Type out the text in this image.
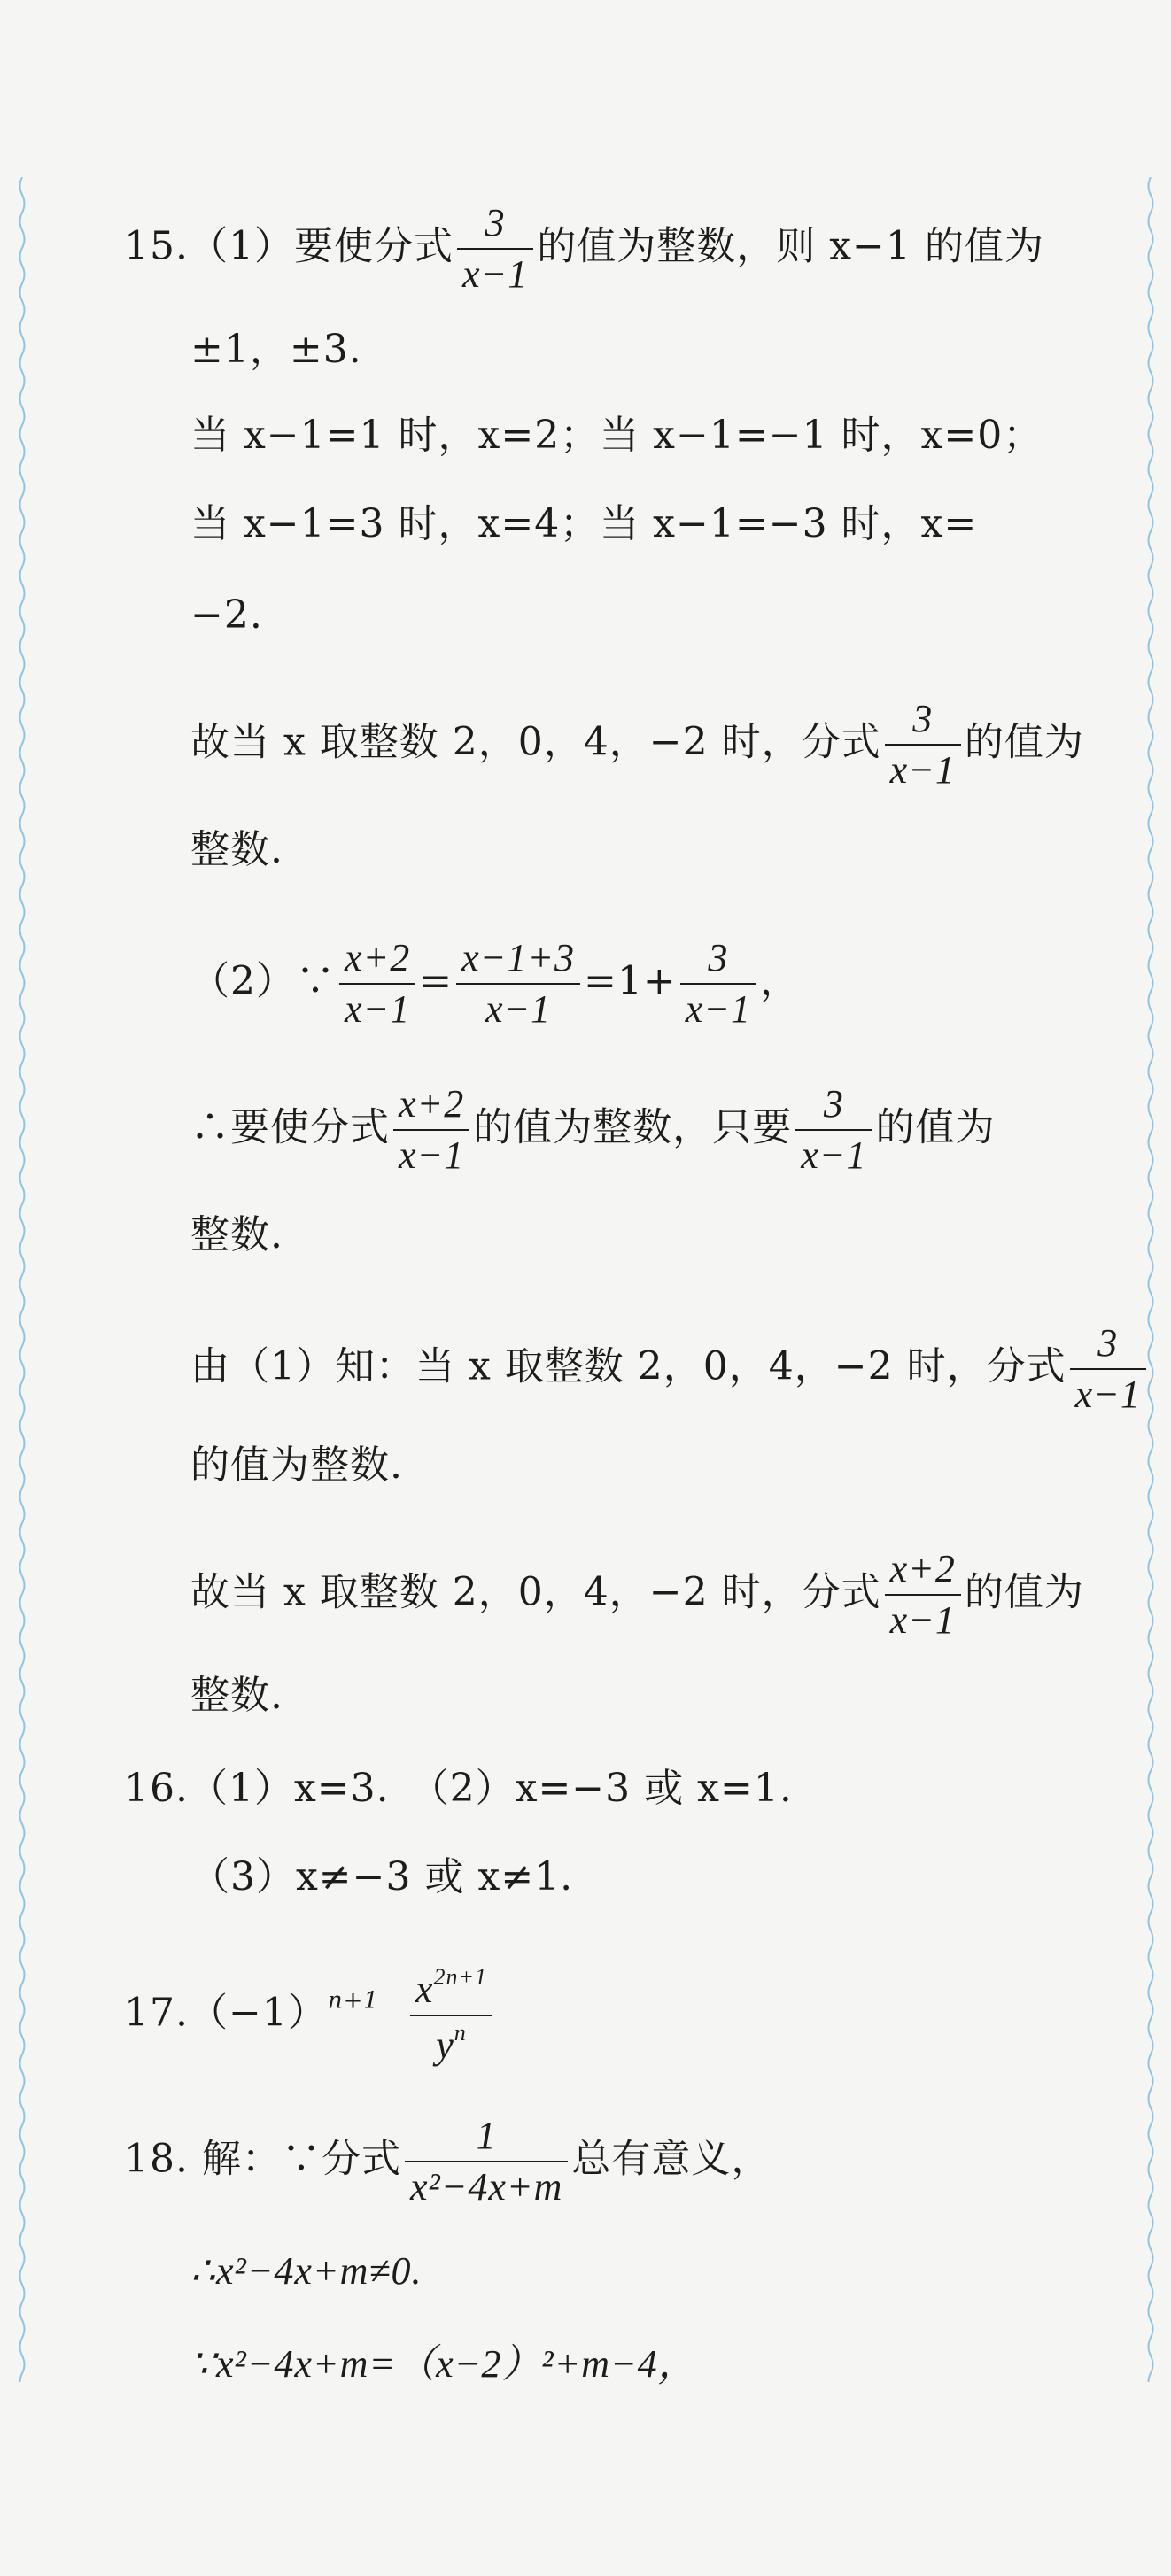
15.（1）要使分式 $\frac{3}{x-1}$ 的值为整数，则 x−1 的值为
±1，±3.
当 x−1=1 时，x=2；当 x−1=−1 时，x=0；
当 x−1=3 时，x=4；当 x−1=−3 时，x=
−2.
故当 x 取整数 2，0，4，−2 时，分式 $\frac{3}{x-1}$ 的值为
整数.
（2）∵ $\frac{x+2}{x-1} = \frac{x-1+3}{x-1} =1+ \frac{3}{x-1}$ ，
∴要使分式 $\frac{x+2}{x-1}$ 的值为整数，只要 $\frac{3}{x-1}$ 的值为
整数.
由（1）知：当 x 取整数 2，0，4，−2 时，分式 $\frac{3}{x-1}$
的值为整数.
故当 x 取整数 2，0，4，−2 时，分式 $\frac{x+2}{x-1}$ 的值为
整数.
16.（1）x=3.　（2）x=−3 或 x=1.
（3）x≠−3 或 x≠1.
$17.(-1)^{n+1} \frac{x^{2n+1}}{y^n}$
18. 解：∵分式 $\frac{1}{\text{x²−4x+m}}$ 总有意义，
∴x²−4x+m≠0.
∵x²−4x+m=（x−2）²+m−4，
